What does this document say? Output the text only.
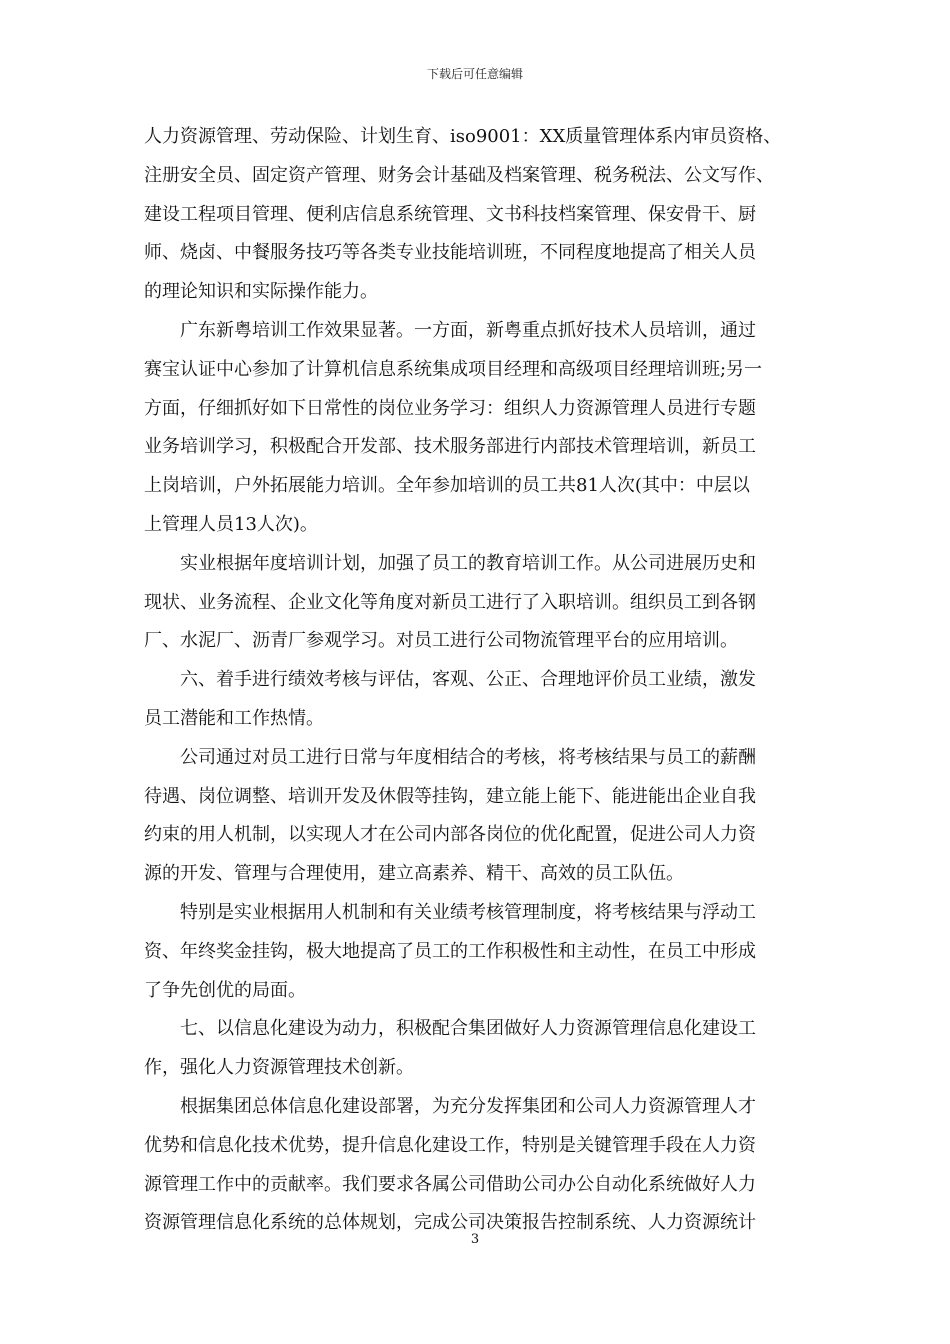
下载后可任意编辑

人力资源管理、劳动保险、计划生育、iso9001：XX质量管理体系内审员资格、
注册安全员、固定资产管理、财务会计基础及档案管理、税务税法、公文写作、
建设工程项目管理、便利店信息系统管理、文书科技档案管理、保安骨干、厨
师、烧卤、中餐服务技巧等各类专业技能培训班，不同程度地提高了相关人员
的理论知识和实际操作能力。

广东新粤培训工作效果显著。一方面，新粤重点抓好技术人员培训，通过
赛宝认证中心参加了计算机信息系统集成项目经理和高级项目经理培训班;另一
方面，仔细抓好如下日常性的岗位业务学习：组织人力资源管理人员进行专题
业务培训学习，积极配合开发部、技术服务部进行内部技术管理培训，新员工
上岗培训，户外拓展能力培训。全年参加培训的员工共81人次(其中：中层以
上管理人员13人次)。

实业根据年度培训计划，加强了员工的教育培训工作。从公司进展历史和
现状、业务流程、企业文化等角度对新员工进行了入职培训。组织员工到各钢
厂、水泥厂、沥青厂参观学习。对员工进行公司物流管理平台的应用培训。

六、着手进行绩效考核与评估，客观、公正、合理地评价员工业绩，激发
员工潜能和工作热情。

公司通过对员工进行日常与年度相结合的考核，将考核结果与员工的薪酬
待遇、岗位调整、培训开发及休假等挂钩，建立能上能下、能进能出企业自我
约束的用人机制，以实现人才在公司内部各岗位的优化配置，促进公司人力资
源的开发、管理与合理使用，建立高素养、精干、高效的员工队伍。

特别是实业根据用人机制和有关业绩考核管理制度，将考核结果与浮动工
资、年终奖金挂钩，极大地提高了员工的工作积极性和主动性，在员工中形成
了争先创优的局面。

七、以信息化建设为动力，积极配合集团做好人力资源管理信息化建设工
作，强化人力资源管理技术创新。

根据集团总体信息化建设部署，为充分发挥集团和公司人力资源管理人才
优势和信息化技术优势，提升信息化建设工作，特别是关键管理手段在人力资
源管理工作中的贡献率。我们要求各属公司借助公司办公自动化系统做好人力
资源管理信息化系统的总体规划，完成公司决策报告控制系统、人力资源统计

3
